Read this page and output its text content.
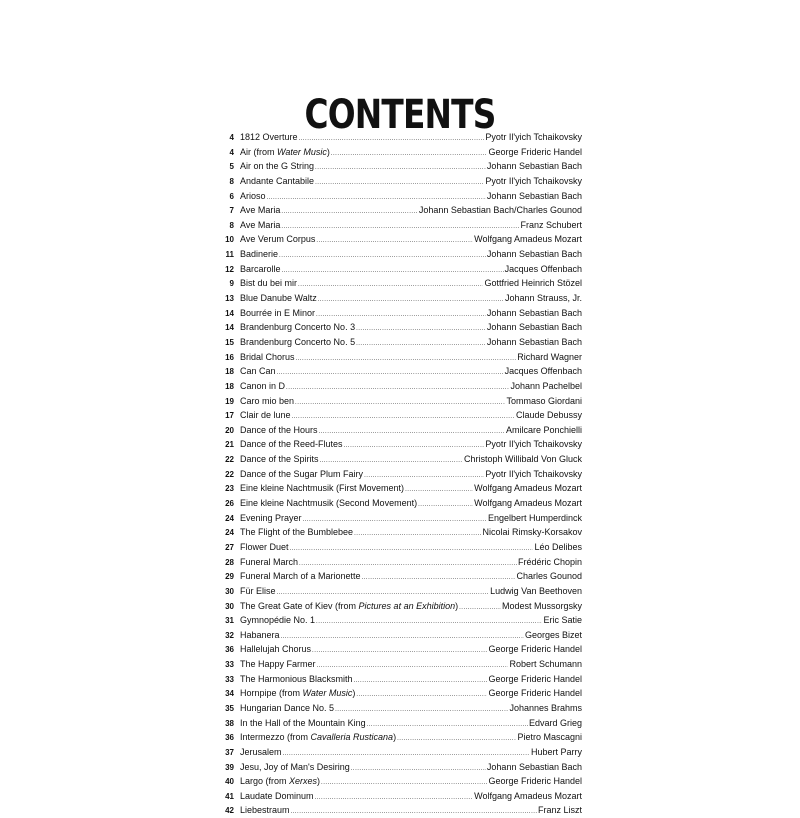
CONTENTS
4 1812 Overture .....	Pyotr Il'yich Tchaikovsky
4 Air (from Water Music) .....	George Frideric Handel
5 Air on the G String .....	Johann Sebastian Bach
8 Andante Cantabile .....	Pyotr Il'yich Tchaikovsky
6 Arioso .....	Johann Sebastian Bach
7 Ave Maria .....	Johann Sebastian Bach/Charles Gounod
8 Ave Maria .....	Franz Schubert
10 Ave Verum Corpus .....	Wolfgang Amadeus Mozart
11 Badinerie .....	Johann Sebastian Bach
12 Barcarolle .....	Jacques Offenbach
9 Bist du bei mir .....	Gottfried Heinrich Stözel
13 Blue Danube Waltz .....	Johann Strauss, Jr.
14 Bourrée in E Minor .....	Johann Sebastian Bach
14 Brandenburg Concerto No. 3 .....	Johann Sebastian Bach
15 Brandenburg Concerto No. 5 .....	Johann Sebastian Bach
16 Bridal Chorus .....	Richard Wagner
18 Can Can .....	Jacques Offenbach
18 Canon in D .....	Johann Pachelbel
19 Caro mio ben .....	Tommaso Giordani
17 Clair de lune .....	Claude Debussy
20 Dance of the Hours .....	Amilcare Ponchielli
21 Dance of the Reed-Flutes .....	Pyotr Il'yich Tchaikovsky
22 Dance of the Spirits .....	Christoph Willibald Von Gluck
22 Dance of the Sugar Plum Fairy .....	Pyotr Il'yich Tchaikovsky
23 Eine kleine Nachtmusik (First Movement) .....	Wolfgang Amadeus Mozart
26 Eine kleine Nachtmusik (Second Movement) .....	Wolfgang Amadeus Mozart
24 Evening Prayer .....	Engelbert Humperdinck
24 The Flight of the Bumblebee .....	Nicolai Rimsky-Korsakov
27 Flower Duet .....	Léo Delibes
28 Funeral March .....	Frédéric Chopin
29 Funeral March of a Marionette .....	Charles Gounod
30 Für Elise .....	Ludwig Van Beethoven
30 The Great Gate of Kiev (from Pictures at an Exhibition) .....	Modest Mussorgsky
31 Gymnopédie No. 1 .....	Eric Satie
32 Habanera .....	Georges Bizet
36 Hallelujah Chorus .....	George Frideric Handel
33 The Happy Farmer .....	Robert Schumann
33 The Harmonious Blacksmith .....	George Frideric Handel
34 Hornpipe (from Water Music) .....	George Frideric Handel
35 Hungarian Dance No. 5 .....	Johannes Brahms
38 In the Hall of the Mountain King .....	Edvard Grieg
36 Intermezzo (from Cavalleria Rusticana) .....	Pietro Mascagni
37 Jerusalem .....	Hubert Parry
39 Jesu, Joy of Man's Desiring .....	Johann Sebastian Bach
40 Largo (from Xerxes) .....	George Frideric Handel
41 Laudate Dominum .....	Wolfgang Amadeus Mozart
42 Liebestraum .....	Franz Liszt
